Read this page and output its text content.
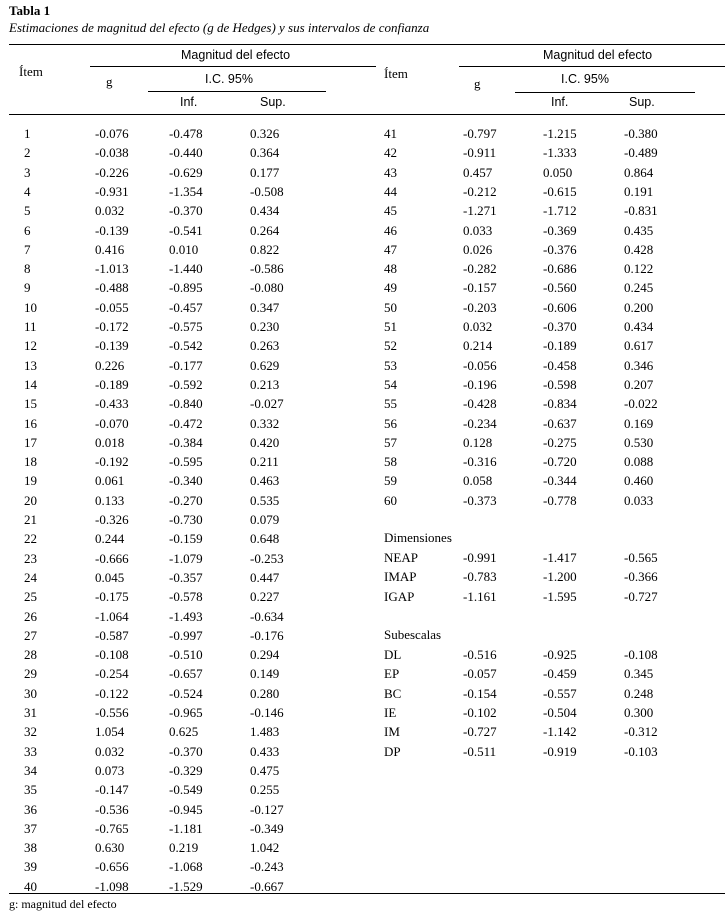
Tabla 1
Estimaciones de magnitud del efecto (g de Hedges) y sus intervalos de confianza
Ítem
Magnitud del efecto
g	I.C. 95%
Inf.	Sup.
Ítem
Magnitud del efecto
g	I.C. 95%
Inf.	Sup.
1	-0.076	-0.478	0.326
2	-0.038	-0.440	0.364
3	-0.226	-0.629	0.177
4	-0.931	-1.354	-0.508
5	0.032	-0.370	0.434
6	-0.139	-0.541	0.264
7	0.416	0.010	0.822
8	-1.013	-1.440	-0.586
9	-0.488	-0.895	-0.080
10	-0.055	-0.457	0.347
11	-0.172	-0.575	0.230
12	-0.139	-0.542	0.263
13	0.226	-0.177	0.629
14	-0.189	-0.592	0.213
15	-0.433	-0.840	-0.027
16	-0.070	-0.472	0.332
17	0.018	-0.384	0.420
18	-0.192	-0.595	0.211
19	0.061	-0.340	0.463
20	0.133	-0.270	0.535
21	-0.326	-0.730	0.079
22	0.244	-0.159	0.648
23	-0.666	-1.079	-0.253
24	0.045	-0.357	0.447
25	-0.175	-0.578	0.227
26	-1.064	-1.493	-0.634
27	-0.587	-0.997	-0.176
28	-0.108	-0.510	0.294
29	-0.254	-0.657	0.149
30	-0.122	-0.524	0.280
31	-0.556	-0.965	-0.146
32	1.054	0.625	1.483
33	0.032	-0.370	0.433
34	0.073	-0.329	0.475
35	-0.147	-0.549	0.255
36	-0.536	-0.945	-0.127
37	-0.765	-1.181	-0.349
38	0.630	0.219	1.042
39	-0.656	-1.068	-0.243
40	-1.098	-1.529	-0.667
41	-0.797	-1.215	-0.380
42	-0.911	-1.333	-0.489
43	0.457	0.050	0.864
44	-0.212	-0.615	0.191
45	-1.271	-1.712	-0.831
46	0.033	-0.369	0.435
47	0.026	-0.376	0.428
48	-0.282	-0.686	0.122
49	-0.157	-0.560	0.245
50	-0.203	-0.606	0.200
51	0.032	-0.370	0.434
52	0.214	-0.189	0.617
53	-0.056	-0.458	0.346
54	-0.196	-0.598	0.207
55	-0.428	-0.834	-0.022
56	-0.234	-0.637	0.169
57	0.128	-0.275	0.530
58	-0.316	-0.720	0.088
59	0.058	-0.344	0.460
60	-0.373	-0.778	0.033
Dimensiones
NEAP	-0.991	-1.417	-0.565
IMAP	-0.783	-1.200	-0.366
IGAP	-1.161	-1.595	-0.727
Subescalas
DL	-0.516	-0.925	-0.108
EP	-0.057	-0.459	0.345
BC	-0.154	-0.557	0.248
IE	-0.102	-0.504	0.300
IM	-0.727	-1.142	-0.312
DP	-0.511	-0.919	-0.103
g: magnitud del efecto
